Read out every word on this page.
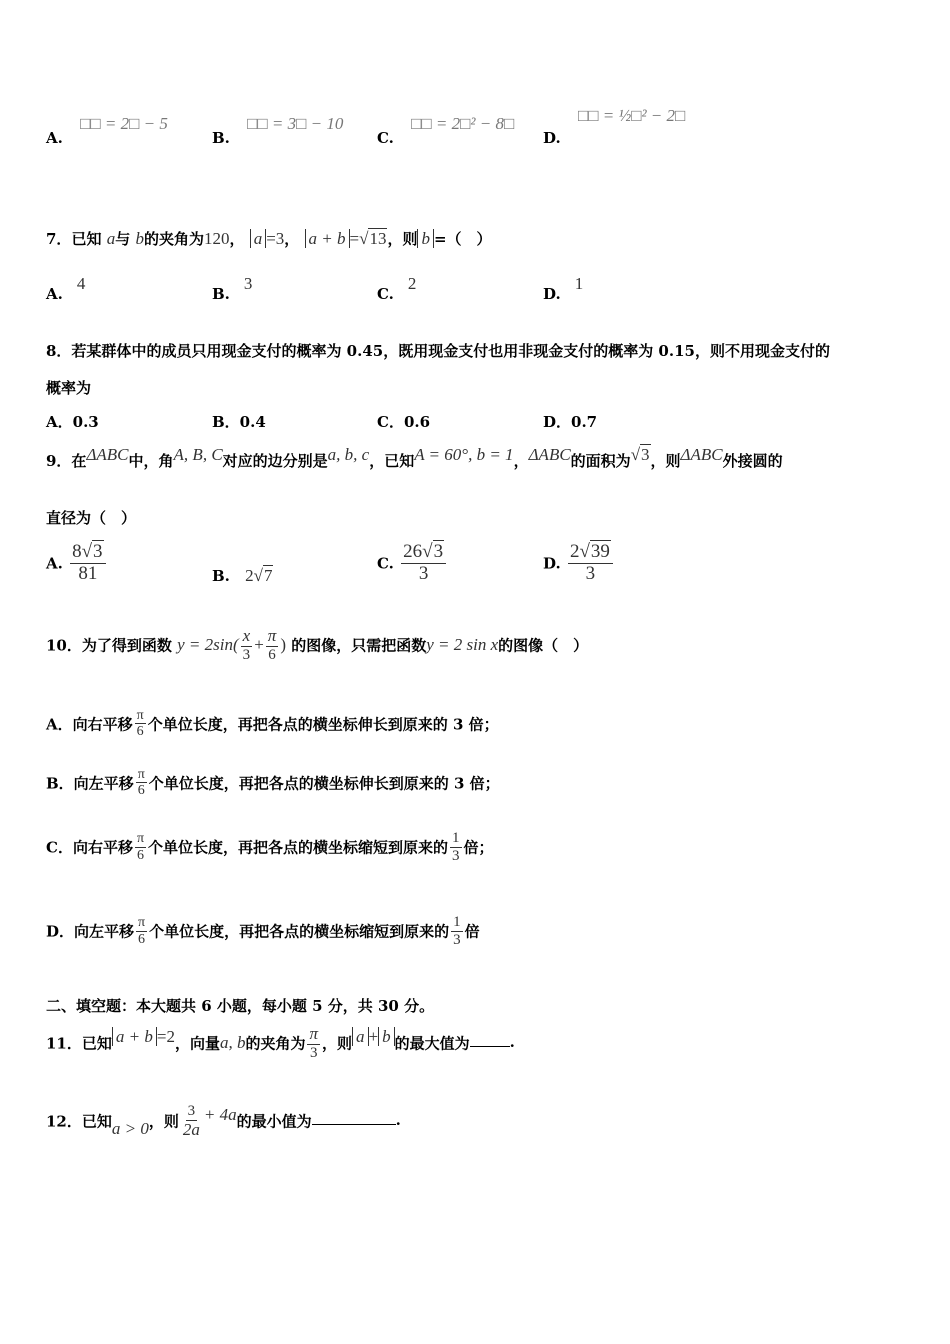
A. □□ = 2□ − 5
B. □□ = 3□ − 10
C. □□ = 2□² − 8□
D. □□ = ½□² − 2□
7．已知 a与 b的夹角为120， a =3， a + b =√13，则 b =（　）
A.4
B.3
C.2
D.1
8．若某群体中的成员只用现金支付的概率为 0.45，既用现金支付也用非现金支付的概率为 0.15，则不用现金支付的
概率为
A．0.3	B．0.4	C．0.6	D．0.7
9．在ΔABC中，角A, B, C对应的边分别是a, b, c，已知A = 60°, b = 1，ΔABC的面积为√3，则ΔABC外接圆的
直径为（　）
A. $\frac{8√3}{81}$	B. 2√7
C. $\frac{26√3}{3}$	D. $\frac{2√39}{3}$
10．为了得到函数 $y = 2\sin( \frac{x}{3} + \frac{\pi}{6}$ ) 的图像，只需把函数y = 2 sin x的图像（　）
A．向右平移 $\frac{\pi}{6}$ 个单位长度，再把各点的横坐标伸长到原来的 3 倍；
B．向左平移 $\frac{\pi}{6}$ 个单位长度，再把各点的横坐标伸长到原来的 3 倍；
C．向右平移 $\frac{\pi}{6}$ 个单位长度，再把各点的横坐标缩短到原来的 $\frac{1}{3}$ 倍；
D．向左平移 $\frac{\pi}{6}$ 个单位长度，再把各点的横坐标缩短到原来的 $\frac{1}{3}$ 倍
二、填空题：本大题共 6 小题，每小题 5 分，共 30 分。
11．已知 a + b =2，向量a, b的夹角为 $\frac{\pi}{3}$ ，则 a + b 的最大值为	.
12．已知a > 0，则 $\frac{3}{2a} + 4a$的最小值为	.
